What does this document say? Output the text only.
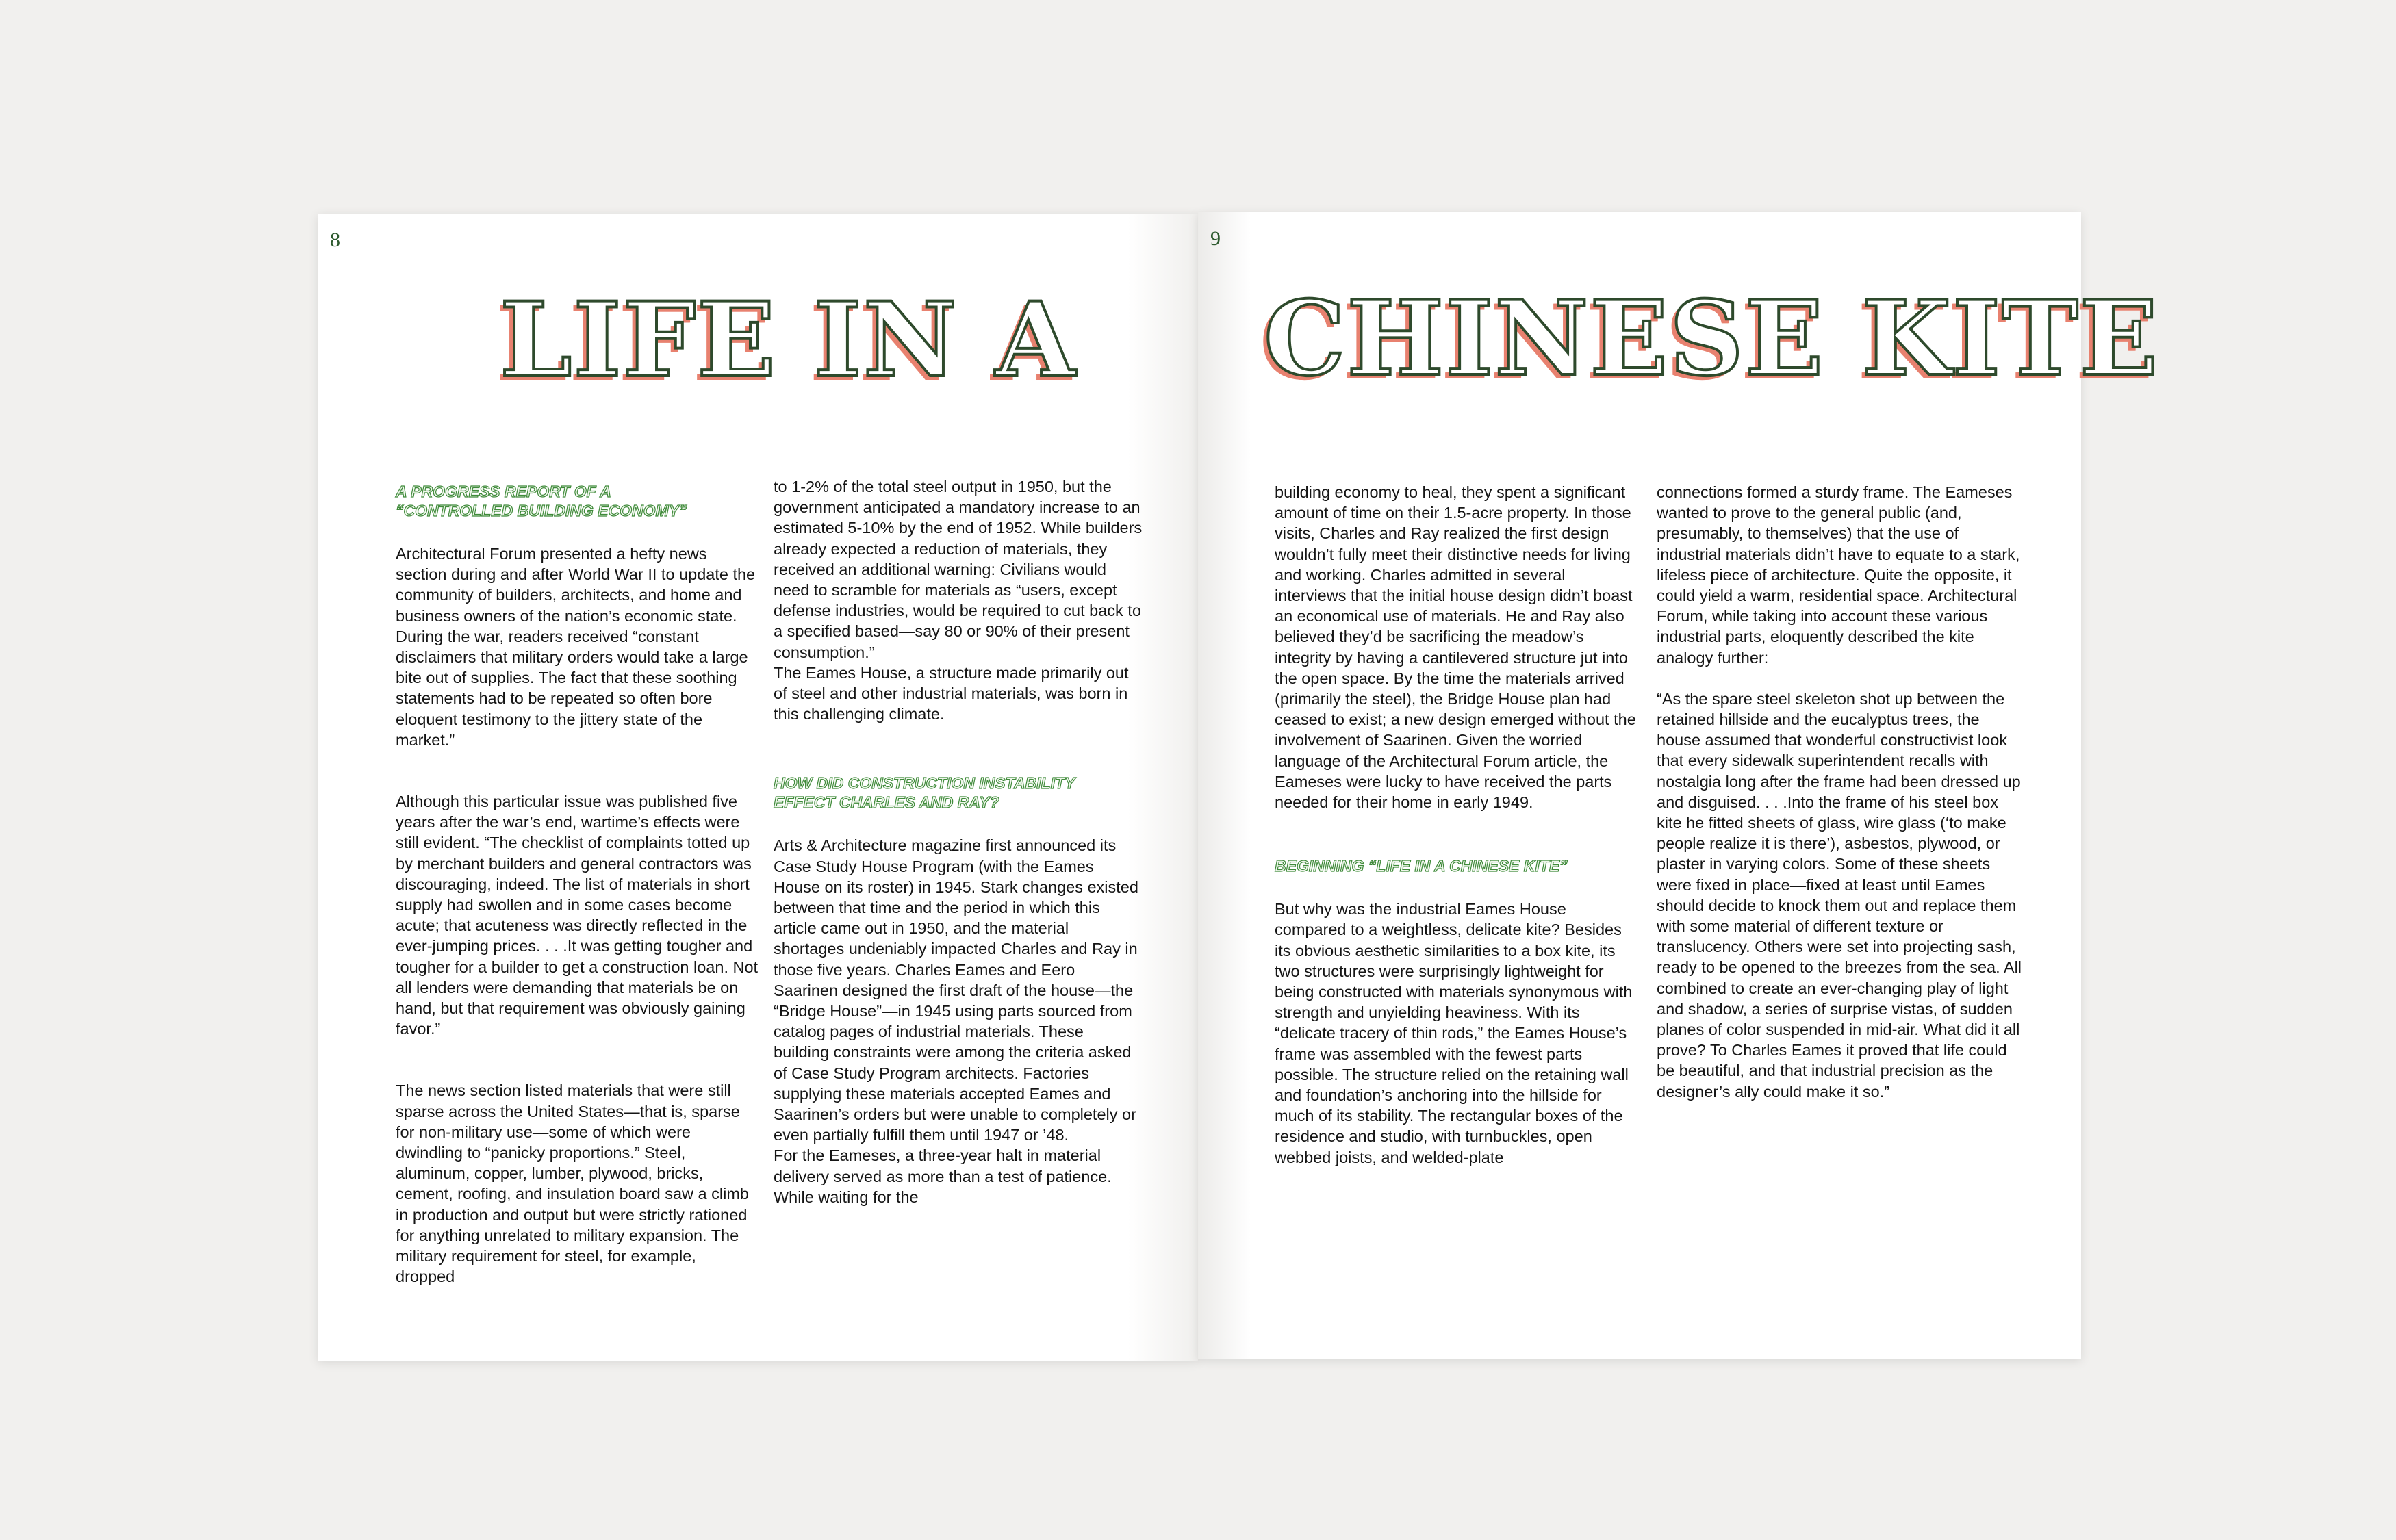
8
LIFE IN A
A PROGRESS REPORT OF A
“CONTROLLED BUILDING ECONOMY”

Architectural Forum presented a hefty news section during and after World War II to update the community of builders, architects, and home and business owners of the nation’s economic state. During the war, readers received “constant disclaimers that military orders would take a large bite out of supplies. The fact that these soothing statements had to be repeated so often bore eloquent testimony to the jittery state of the market.”

Although this particular issue was published five years after the war’s end, wartime’s effects were still evident. “The checklist of complaints totted up by merchant builders and general contractors was discouraging, indeed. The list of materials in short supply had swollen and in some cases become acute; that acuteness was directly reflected in the ever-jumping prices. . . .It was getting tougher and tougher for a builder to get a construction loan. Not all lenders were demanding that materials be on hand, but that requirement was obviously gaining favor.”

The news section listed materials that were still sparse across the United States—that is, sparse for non-military use—some of which were dwindling to “panicky proportions.” Steel, aluminum, copper, lumber, plywood, bricks, cement, roofing, and insulation board saw a climb in production and output but were strictly rationed for anything unrelated to military expansion. The military requirement for steel, for example, dropped

to 1-2% of the total steel output in 1950, but the government anticipated a mandatory increase to an estimated 5-10% by the end of 1952. While builders already expected a reduction of materials, they received an additional warning: Civilians would need to scramble for materials as “users, except defense industries, would be required to cut back to a specified based—say 80 or 90% of their present consumption.”

The Eames House, a structure made primarily out of steel and other industrial materials, was born in this challenging climate.

HOW DID CONSTRUCTION INSTABILITY
EFFECT CHARLES AND RAY?

Arts & Architecture magazine first announced its Case Study House Program (with the Eames House on its roster) in 1945. Stark changes existed between that time and the period in which this article came out in 1950, and the material shortages undeniably impacted Charles and Ray in those five years. Charles Eames and Eero Saarinen designed the first draft of the house—the “Bridge House”—in 1945 using parts sourced from catalog pages of industrial materials. These building constraints were among the criteria asked of Case Study Program architects. Factories supplying these materials accepted Eames and Saarinen’s orders but were unable to completely or even partially fulfill them until 1947 or ’48.

For the Eameses, a three-year halt in material delivery served as more than a test of patience. While waiting for the

9
CHINESE KITE

building economy to heal, they spent a significant amount of time on their 1.5-acre property. In those visits, Charles and Ray realized the first design wouldn’t fully meet their distinctive needs for living and working. Charles admitted in several interviews that the initial house design didn’t boast an economical use of materials. He and Ray also believed they’d be sacrificing the meadow’s integrity by having a cantilevered structure jut into the open space. By the time the materials arrived (primarily the steel), the Bridge House plan had ceased to exist; a new design emerged without the involvement of Saarinen. Given the worried language of the Architectural Forum article, the Eameses were lucky to have received the parts needed for their home in early 1949.

BEGINNING “LIFE IN A CHINESE KITE”

But why was the industrial Eames House compared to a weightless, delicate kite? Besides its obvious aesthetic similarities to a box kite, its two structures were surprisingly lightweight for being constructed with materials synonymous with strength and unyielding heaviness. With its “delicate tracery of thin rods,” the Eames House’s frame was assembled with the fewest parts possible. The structure relied on the retaining wall and foundation’s anchoring into the hillside for much of its stability. The rectangular boxes of the residence and studio, with turnbuckles, open webbed joists, and welded-plate

connections formed a sturdy frame. The Eameses wanted to prove to the general public (and, presumably, to themselves) that the use of industrial materials didn’t have to equate to a stark, lifeless piece of architecture. Quite the opposite, it could yield a warm, residential space. Architectural Forum, while taking into account these various industrial parts, eloquently described the kite analogy further:

“As the spare steel skeleton shot up between the retained hillside and the eucalyptus trees, the house assumed that wonderful constructivist look that every sidewalk superintendent recalls with nostalgia long after the frame had been dressed up and disguised. . . .Into the frame of his steel box kite he fitted sheets of glass, wire glass (‘to make people realize it is there’), asbestos, plywood, or plaster in varying colors. Some of these sheets were fixed in place—fixed at least until Eames should decide to knock them out and replace them with some material of different texture or translucency. Others were set into projecting sash, ready to be opened to the breezes from the sea. All combined to create an ever-changing play of light and shadow, a series of surprise vistas, of sudden planes of color suspended in mid-air. What did it all prove? To Charles Eames it proved that life could be beautiful, and that industrial precision as the designer’s ally could make it so.”
